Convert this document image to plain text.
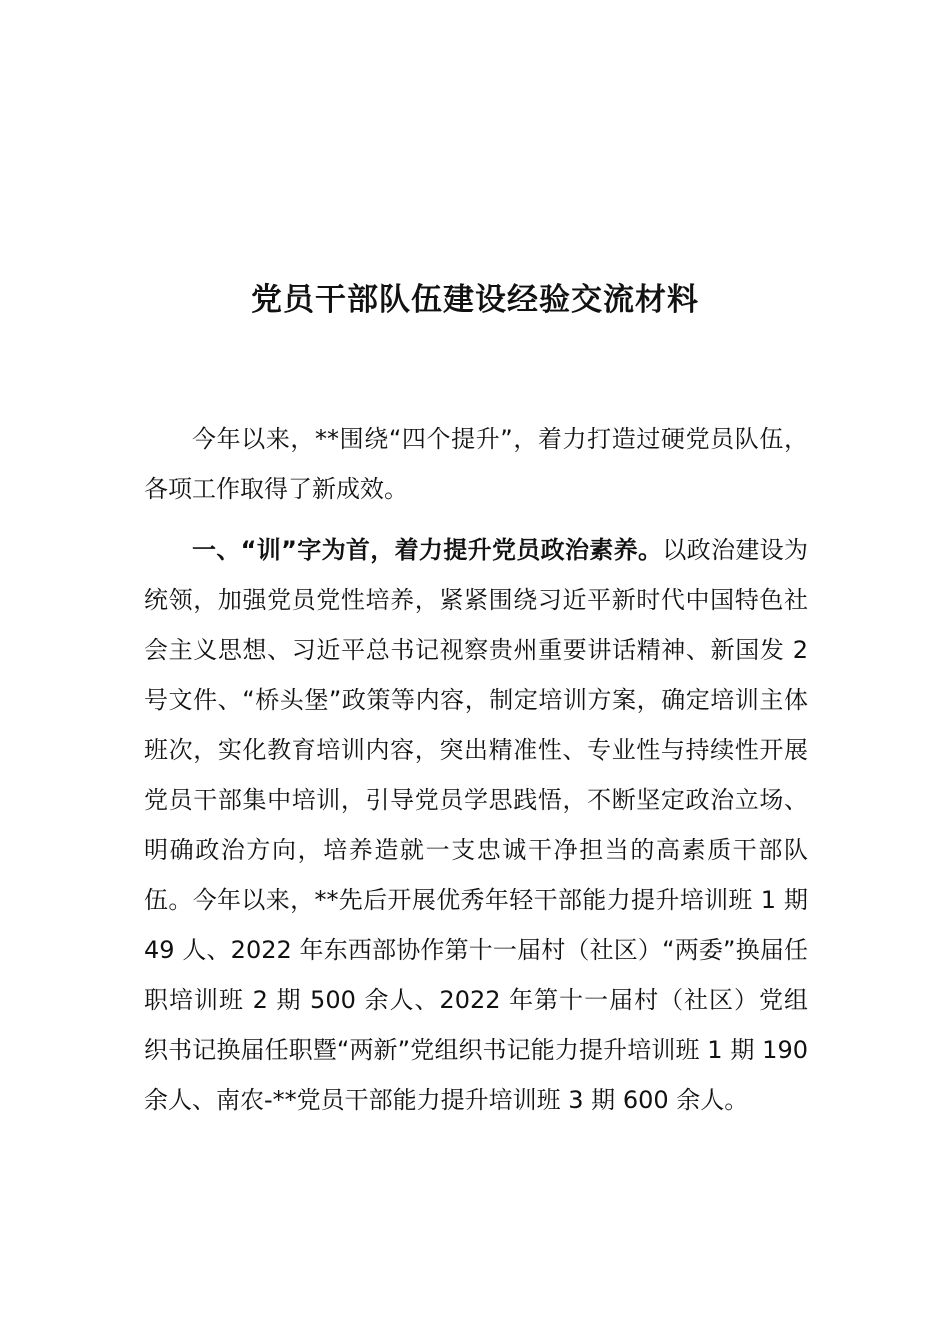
党员干部队伍建设经验交流材料

今年以来，**围绕“四个提升”，着力打造过硬党员队伍，各项工作取得了新成效。

一、“训”字为首，着力提升党员政治素养。以政治建设为统领，加强党员党性培养，紧紧围绕习近平新时代中国特色社会主义思想、习近平总书记视察贵州重要讲话精神、新国发 2 号文件、“桥头堡”政策等内容，制定培训方案，确定培训主体班次，实化教育培训内容，突出精准性、专业性与持续性开展党员干部集中培训，引导党员学思践悟，不断坚定政治立场、明确政治方向，培养造就一支忠诚干净担当的高素质干部队伍。今年以来，**先后开展优秀年轻干部能力提升培训班 1 期 49 人、2022 年东西部协作第十一届村（社区）“两委”换届任职培训班 2 期 500 余人、2022 年第十一届村（社区）党组织书记换届任职暨“两新”党组织书记能力提升培训班 1 期 190 余人、南农-**党员干部能力提升培训班 3 期 600 余人。
